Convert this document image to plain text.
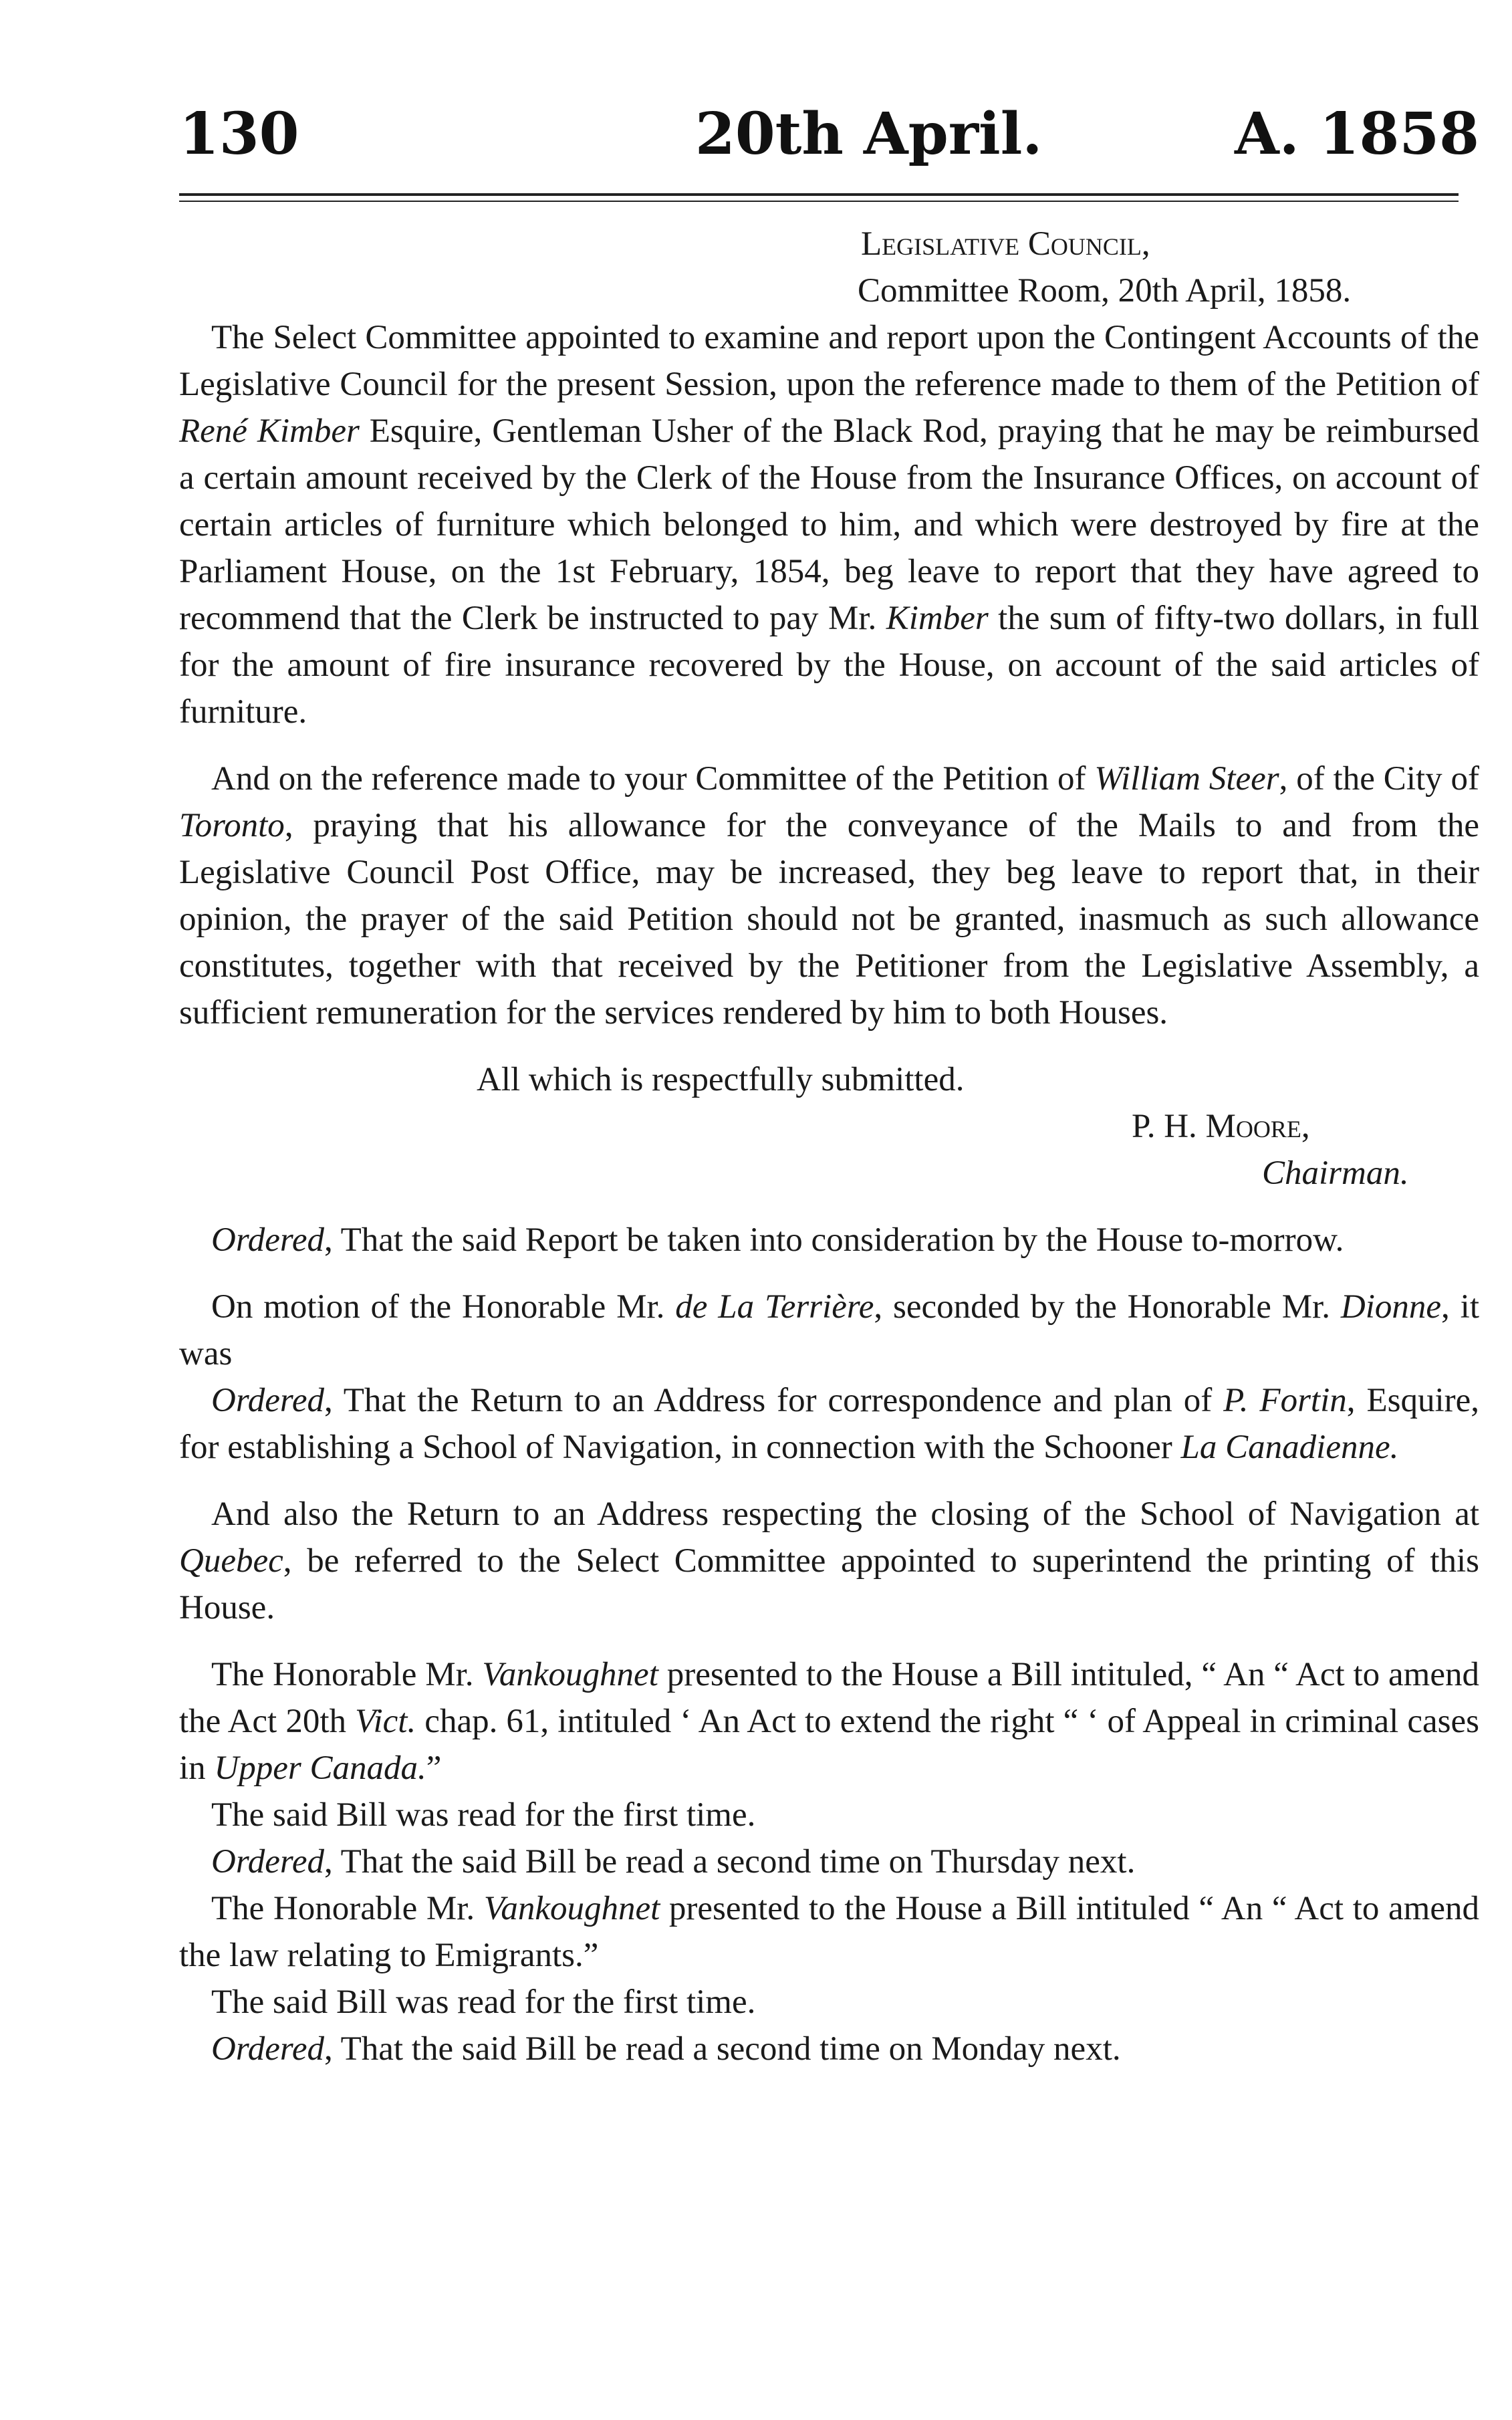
130	20th April.	A. 1858

Legislative Council,

Committee Room, 20th April, 1858.

The Select Committee appointed to examine and report upon the Contingent Accounts of the Legislative Council for the present Session, upon the reference made to them of the Petition of René Kimber Esquire, Gentleman Usher of the Black Rod, praying that he may be reimbursed a certain amount received by the Clerk of the House from the Insurance Offices, on account of certain articles of furniture which belonged to him, and which were destroyed by fire at the Parliament House, on the 1st February, 1854, beg leave to report that they have agreed to recommend that the Clerk be instructed to pay Mr. Kimber the sum of fifty-two dollars, in full for the amount of fire insurance recovered by the House, on account of the said articles of furniture.

And on the reference made to your Committee of the Petition of William Steer, of the City of Toronto, praying that his allowance for the conveyance of the Mails to and from the Legislative Council Post Office, may be increased, they beg leave to report that, in their opinion, the prayer of the said Petition should not be granted, inasmuch as such allowance constitutes, together with that received by the Petitioner from the Legislative Assembly, a sufficient remuneration for the services rendered by him to both Houses.

All which is respectfully submitted.

P. H. Moore,

Chairman.

Ordered, That the said Report be taken into consideration by the House to-morrow.

On motion of the Honorable Mr. de La Terrière, seconded by the Honorable Mr. Dionne, it was

Ordered, That the Return to an Address for correspondence and plan of P. Fortin, Esquire, for establishing a School of Navigation, in connection with the Schooner La Canadienne.

And also the Return to an Address respecting the closing of the School of Navigation at Quebec, be referred to the Select Committee appointed to superintend the printing of this House.

The Honorable Mr. Vankoughnet presented to the House a Bill intituled, “ An “ Act to amend the Act 20th Vict. chap. 61, intituled ‘ An Act to extend the right “ ‘ of Appeal in criminal cases in Upper Canada.”

The said Bill was read for the first time.

Ordered, That the said Bill be read a second time on Thursday next.

The Honorable Mr. Vankoughnet presented to the House a Bill intituled “ An “ Act to amend the law relating to Emigrants.”

The said Bill was read for the first time.

Ordered, That the said Bill be read a second time on Monday next.
